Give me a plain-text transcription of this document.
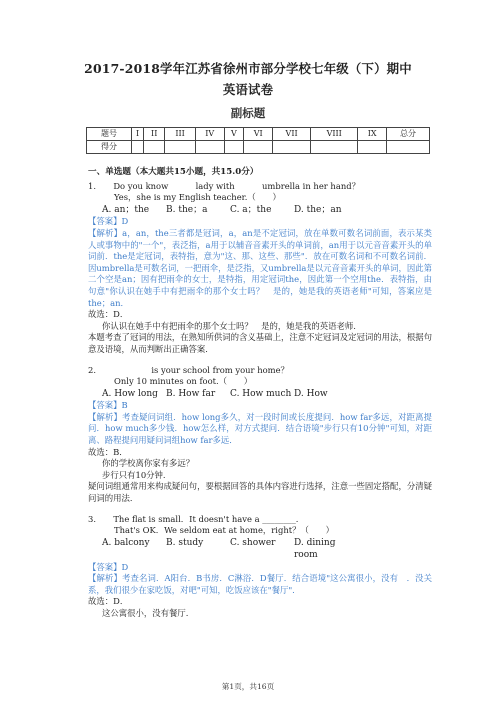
2017-2018学年江苏省徐州市部分学校七年级（下）期中
英语试卷
副标题
题号	I	II	III	IV	V	VI	VII	VIII	IX	总分
得分										
一、单选题（本大题共15小题，共15.0分）
1. Do you know	lady with	umbrella in her hand？
Yes，she is my English teacher.（　　）
A. an；the	B. the；a	C. a；the	D. the；an
【答案】D
【解析】a，an，the三者都是冠词，a，an是不定冠词，放在单数可数名词前面，表示某类人或事物中的"一个"，表泛指，a用于以辅音音素开头的单词前，an用于以元音音素开头的单词前．the是定冠词，表特指，意为"这、那、这些、那些"．放在可数名词和不可数名词前．因umbrella是可数名词，一把雨伞，是泛指，又umbrella是以元音音素开头的单词，因此第二个空是an；因有把雨伞的女士，是特指，用定冠词the，因此第一个空用the．表特指，由句意"你认识在她手中有把雨伞的那个女士吗？　是的，她是我的英语老师"可知，答案应是the；an．
故选：D．
你认识在她手中有把雨伞的那个女士吗？　是的，她是我的英语老师.
本题考查了冠词的用法，在熟知所供词的含义基础上，注意不定冠词及定冠词的用法，根据句意及语境，从而判断出正确答案．
2.	is your school from your home？
Only 10 minutes on foot.（　　）
A. How long B. How far	C. How much D. How
【答案】B
【解析】考查疑问词组．how long多久，对一段时间或长度提问．how far多远，对距离提问．how much多少钱．how怎么样，对方式提问．结合语境"步行只有10分钟"可知，对距离、路程提问用疑问词组how far多远．
故选：B．
你的学校离你家有多远？
步行只有10分钟.
疑问词组通常用来构成疑问句，要根据回答的具体内容进行选择，注意一些固定搭配，分清疑问词的用法．
3. The flat is small．It doesn't have a ________.
That's OK．We seldom eat at home，right？（　　）
A. balcony	B. study	C. shower	D. dining room
【答案】D
【解析】考查名词．A阳台．B书房．C淋浴．D餐厅．结合语境"这公寓很小，没有　．没关系，我们很少在家吃饭，对吧"可知，吃饭应该在"餐厅".
故选：D．
这公寓很小，没有餐厅.
第1页，共16页
